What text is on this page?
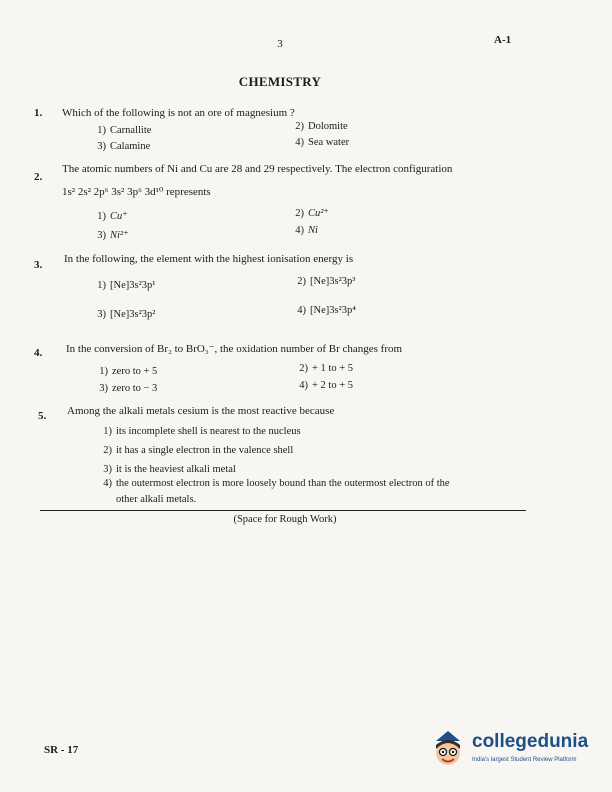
3	A-1
CHEMISTRY
1. Which of the following is not an ore of magnesium ?
1) Carnallite	2) Dolomite
3) Calamine	4) Sea water
2.
The atomic numbers of Ni and Cu are 28 and 29 respectively. The electron configuration
1s² 2s² 2p⁶ 3s² 3p⁶ 3d¹⁰ represents
1) Cu⁺	2) Cu²⁺
3) Ni²⁺	4) Ni
3. In the following, the element with the highest ionisation energy is
1) [Ne]3s²3p¹	2) [Ne]3s²3p³
3) [Ne]3s²3p²	4) [Ne]3s²3p⁴
4. In the conversion of Br₂ to BrO₃⁻, the oxidation number of Br changes from
1) zero to + 5	2) + 1 to + 5
3) zero to − 3	4) + 2 to + 5
5. Among the alkali metals cesium is the most reactive because
1) its incomplete shell is nearest to the nucleus
2) it has a single electron in the valence shell
3) it is the heaviest alkali metal
4) the outermost electron is more loosely bound than the outermost electron of the
other alkali metals.
(Space for Rough Work)
SR - 17	collegedunia
India's largest Student Review Platform
